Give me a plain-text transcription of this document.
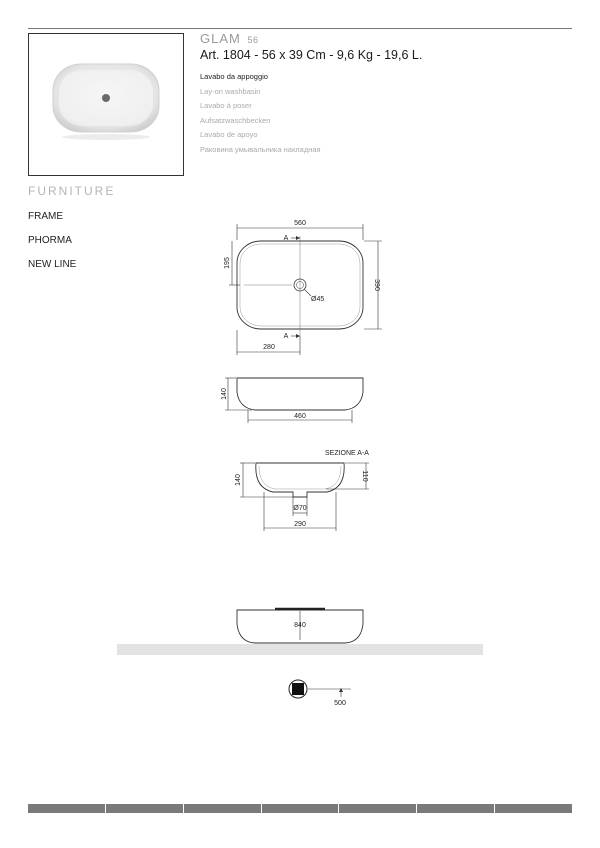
GLAM 56
Art. 1804 - 56 x 39 Cm - 9,6 Kg - 19,6 L.
Lavabo da appoggio
Lay-on washbasin
Lavabo à poser
Aufsatzwaschbecken
Lavabo de apoyo
Раковина умывальника накладная
FURNITURE
FRAME
PHORMA
NEW LINE
560
A
A
195
390
Ø45
280
140
460
SEZIONE A-A
140	110
Ø70
290
840
500
